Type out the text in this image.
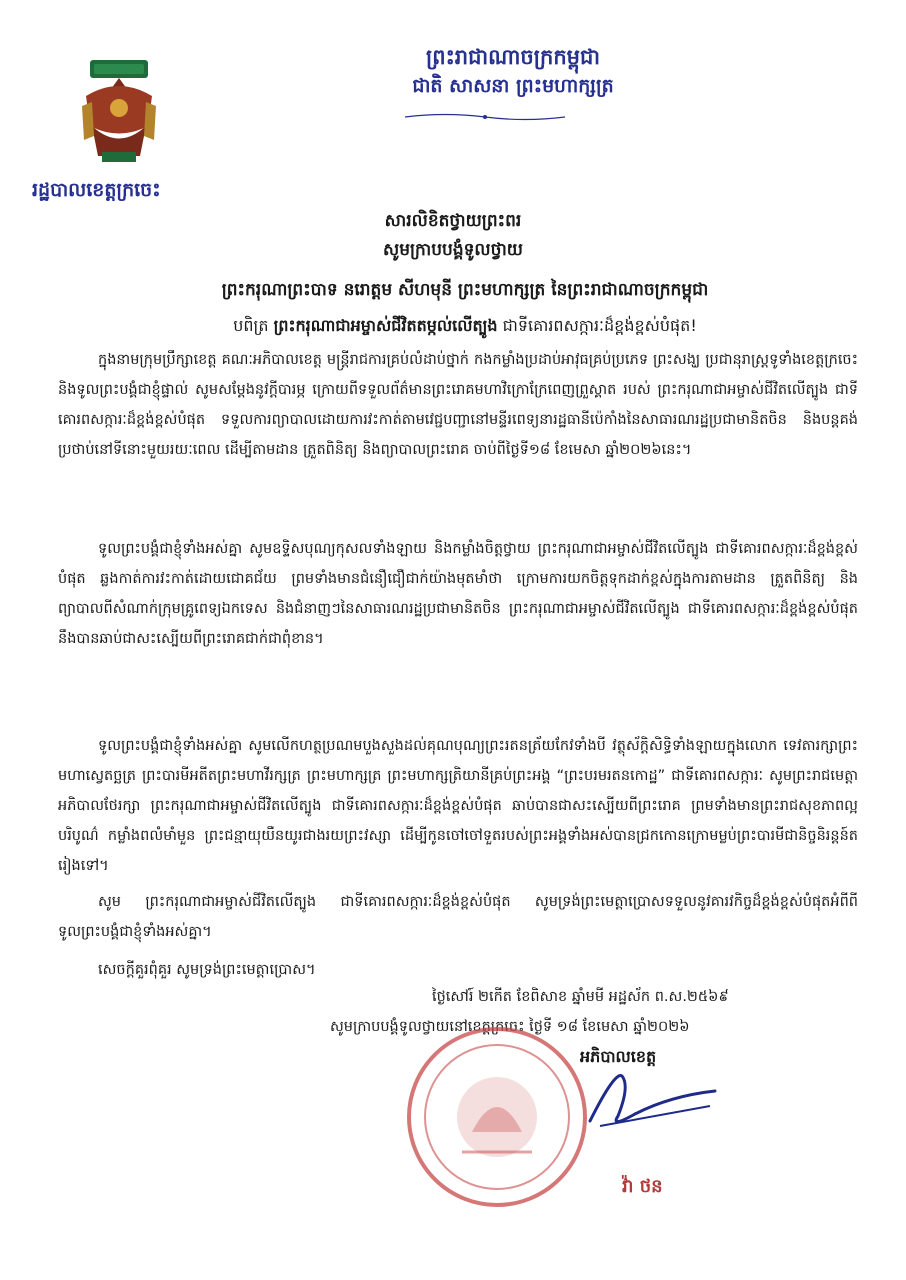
ព្រះរាជាណាចក្រកម្ពុជា
ជាតិ សាសនា ព្រះមហាក្សត្រ
រដ្ឋបាលខេត្តក្រចេះ
សារលិខិតថ្វាយព្រះពរ
សូមក្រាបបង្គំទូលថ្វាយ
ព្រះករុណាព្រះបាទ នរោត្តម សីហមុនី ព្រះមហាក្សត្រ នៃព្រះរាជាណាចក្រកម្ពុជា
បពិត្រ ព្រះករុណាជាអម្ចាស់ជីវិតតម្កល់លើត្បូង ជាទីគោរពសក្ការៈដ៏ខ្ពង់ខ្ពស់បំផុត!
ក្នុងនាមក្រុមប្រឹក្សាខេត្ត គណៈអភិបាលខេត្ត មន្ត្រីរាជការគ្រប់លំដាប់ថ្នាក់ កងកម្លាំងប្រដាប់អាវុធគ្រប់ប្រភេទ ព្រះសង្ឃ ប្រជានុរាស្ត្រទូទាំងខេត្តក្រចេះ និងទូលព្រះបង្គំជាខ្ញុំផ្ទាល់ សូមសម្តែងនូវក្តីបារម្ភ ក្រោយពីទទួលព័ត៌មានព្រះរោគមហាវិក្រោក្រែពេញព្រួស្គាត របស់ ព្រះករុណាជាអម្ចាស់ជីវិតលើត្បូង ជាទីគោរពសក្ការៈដ៏ខ្ពង់ខ្ពស់បំផុត ទទួលការព្យាបាលដោយការវះកាត់តាមវេជ្ជបញ្ជានៅមន្ទីរពេទ្យនារដ្ឋធានីប៉េកាំងនៃសាធារណរដ្ឋប្រជាមានិតចិន និងបន្តគង់ប្រថាប់នៅទីនោះមួយរយៈពេល ដើម្បីតាមដាន ត្រួតពិនិត្យ និងព្យាបាលព្រះរោគ ចាប់ពីថ្ងៃទី១៨ ខែមេសា ឆ្នាំ២០២៦នេះ។
ទូលព្រះបង្គំជាខ្ញុំទាំងអស់គ្នា សូមឧទ្ទិសបុណ្យកុសលទាំងឡាយ និងកម្លាំងចិត្តថ្វាយ ព្រះករុណាជាអម្ចាស់ជីវិតលើត្បូង ជាទីគោរពសក្ការៈដ៏ខ្ពង់ខ្ពស់បំផុត ឆ្លងកាត់ការវះកាត់ដោយជោគជ័យ ព្រមទាំងមានជំនឿជឿជាក់យ៉ាងមុតមាំថា ក្រោមការយកចិត្តទុកដាក់ខ្ពស់ក្នុងការតាមដាន ត្រួតពិនិត្យ និងព្យាបាលពីសំណាក់ក្រុមគ្រូពេទ្យឯកទេស និងជំនាញៗនៃសាធារណរដ្ឋប្រជាមានិតចិន ព្រះករុណាជាអម្ចាស់ជីវិតលើត្បូង ជាទីគោរពសក្ការៈដ៏ខ្ពង់ខ្ពស់បំផុត នឹងបានឆាប់ជាសះស្បើយពីព្រះរោគជាក់ជាពុំខាន។
ទូលព្រះបង្គំជាខ្ញុំទាំងអស់គ្នា សូមលើកហត្ថប្រណមបួងសួងដល់គុណបុណ្យព្រះរតនត្រ័យកែវទាំងបី វត្ថុស័ក្តិសិទ្ធិទាំងឡាយក្នុងលោក ទេវតារក្សាព្រះមហាស្វេតច្ឆត្រ ព្រះបារមីអតីតព្រះមហាវីរក្សត្រ ព្រះមហាក្សត្រ ព្រះមហាក្សត្រិយានីគ្រប់ព្រះអង្គ “ព្រះបរមរតនកោដ្ឋ” ជាទីគោរពសក្ការៈ សូមព្រះរាជមេត្តាអភិបាលថែរក្សា ព្រះករុណាជាអម្ចាស់ជីវិតលើត្បូង ជាទីគោរពសក្ការៈដ៏ខ្ពង់ខ្ពស់បំផុត ឆាប់បានជាសះស្បើយពីព្រះរោគ ព្រមទាំងមានព្រះរាជសុខភាពល្អបរិបូណ៌ កម្លាំងពលំមាំមួន ព្រះជន្មាយុយឺនយូរជាងរយព្រះវស្សា ដើម្បីកូនចៅចៅទួតរបស់ព្រះអង្គទាំងអស់បានជ្រកកោនក្រោមម្លប់ព្រះបារមីជានិច្ចនិរន្តន៍តរៀងទៅ។
សូម ព្រះករុណាជាអម្ចាស់ជីវិតលើត្បូង ជាទីគោរពសក្ការៈដ៏ខ្ពង់ខ្ពស់បំផុត សូមទ្រង់ព្រះមេត្តាប្រោសទទួលនូវគារវកិច្ចដ៏ខ្ពង់ខ្ពស់បំផុតអំពីពីទូលព្រះបង្គំជាខ្ញុំទាំងអស់គ្នា។
សេចក្តីគួរពុំគួរ សូមទ្រង់ព្រះមេត្តាប្រោស។
ថ្ងៃសៅរ៍ ២កើត ខែពិសាខ ឆ្នាំមមី អដ្ឋស័ក ព.ស.២៥៦៩
សូមក្រាបបង្គំទូលថ្វាយនៅខេត្តក្រចេះ ថ្ងៃទី ១៨ ខែមេសា ឆ្នាំ២០២៦
អភិបាលខេត្ត
វ៉ា ថន
